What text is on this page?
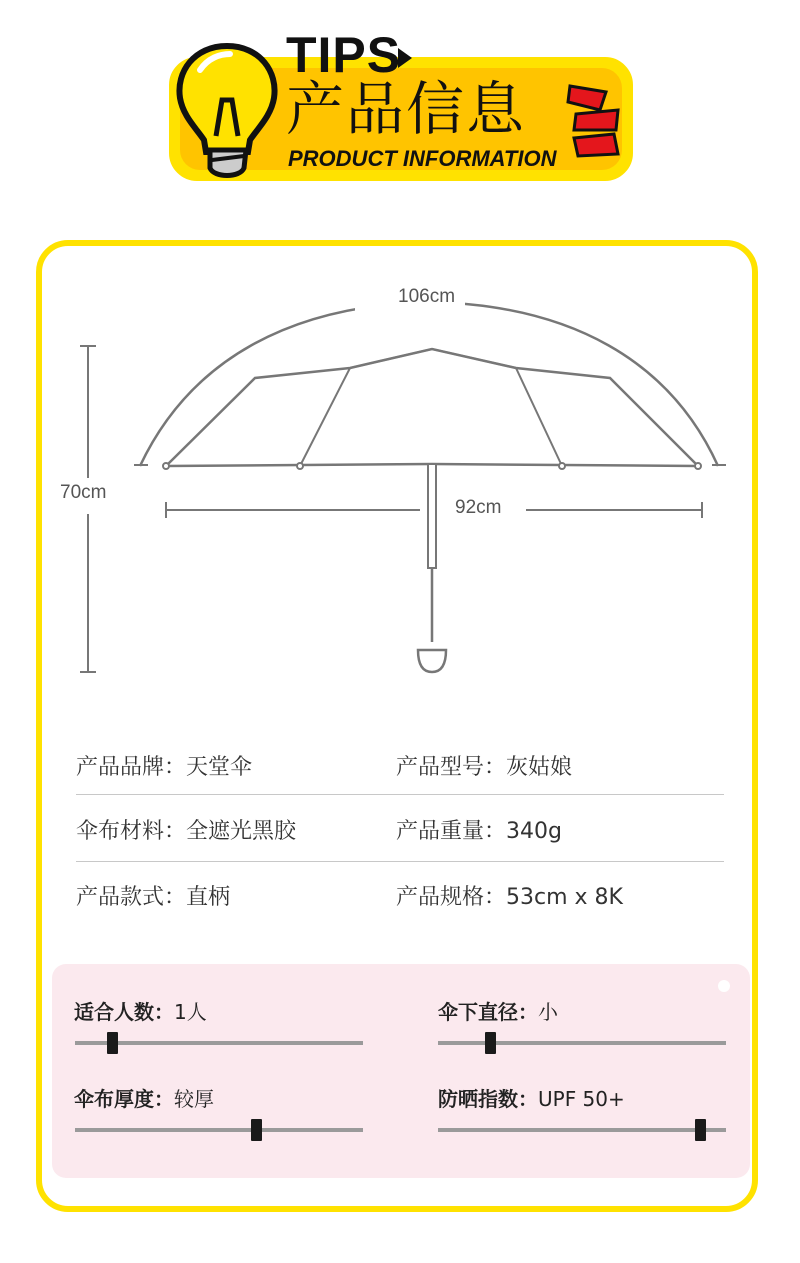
TIPS
产品信息
PRODUCT INFORMATION
106cm
70cm
92cm
产品品牌：天堂伞	产品型号：灰姑娘
伞布材料：全遮光黑胶	产品重量：340g
产品款式：直柄	产品规格：53cm x 8K
适合人数：1人	伞下直径：小
伞布厚度：较厚	防晒指数：UPF 50+
